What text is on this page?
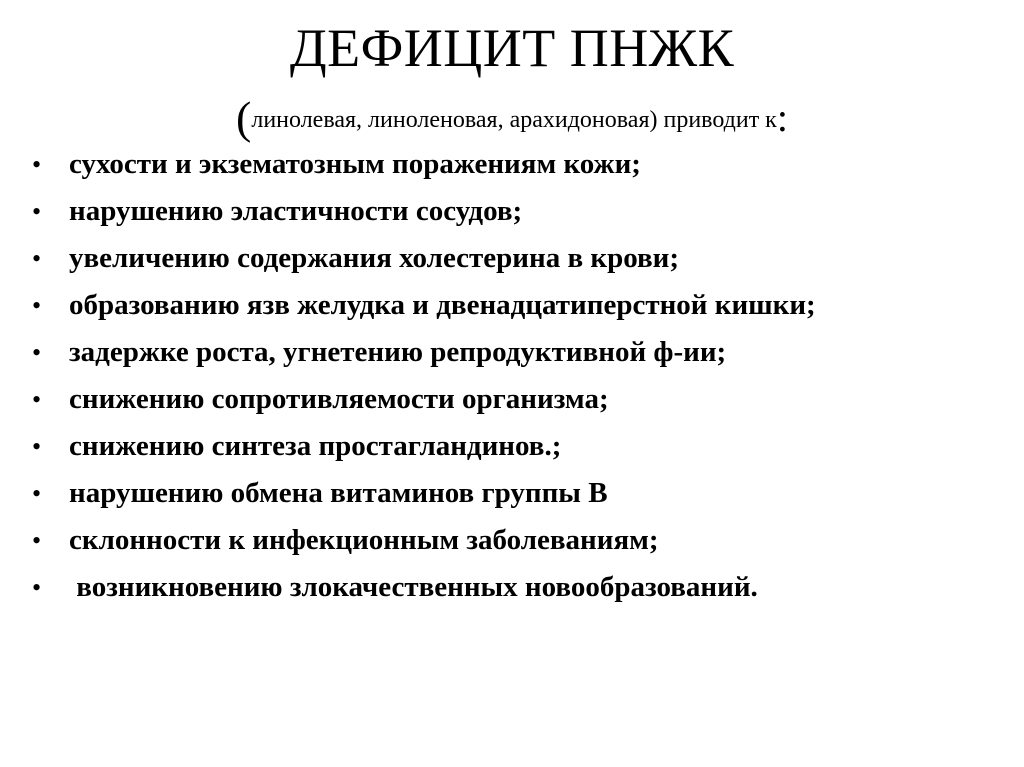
ДЕФИЦИТ ПНЖК

(линолевая, линоленовая, арахидоновая) приводит к:

• сухости и экзематозным поражениям кожи;
• нарушению эластичности сосудов;
• увеличению содержания холестерина в крови;
• образованию язв желудка и двенадцатиперстной кишки;
• задержке роста, угнетению репродуктивной ф-ии;
• снижению сопротивляемости организма;
• снижению синтеза простагландинов.;
• нарушению обмена витаминов группы В
• склонности к инфекционным заболеваниям;
• возникновению злокачественных новообразований.
